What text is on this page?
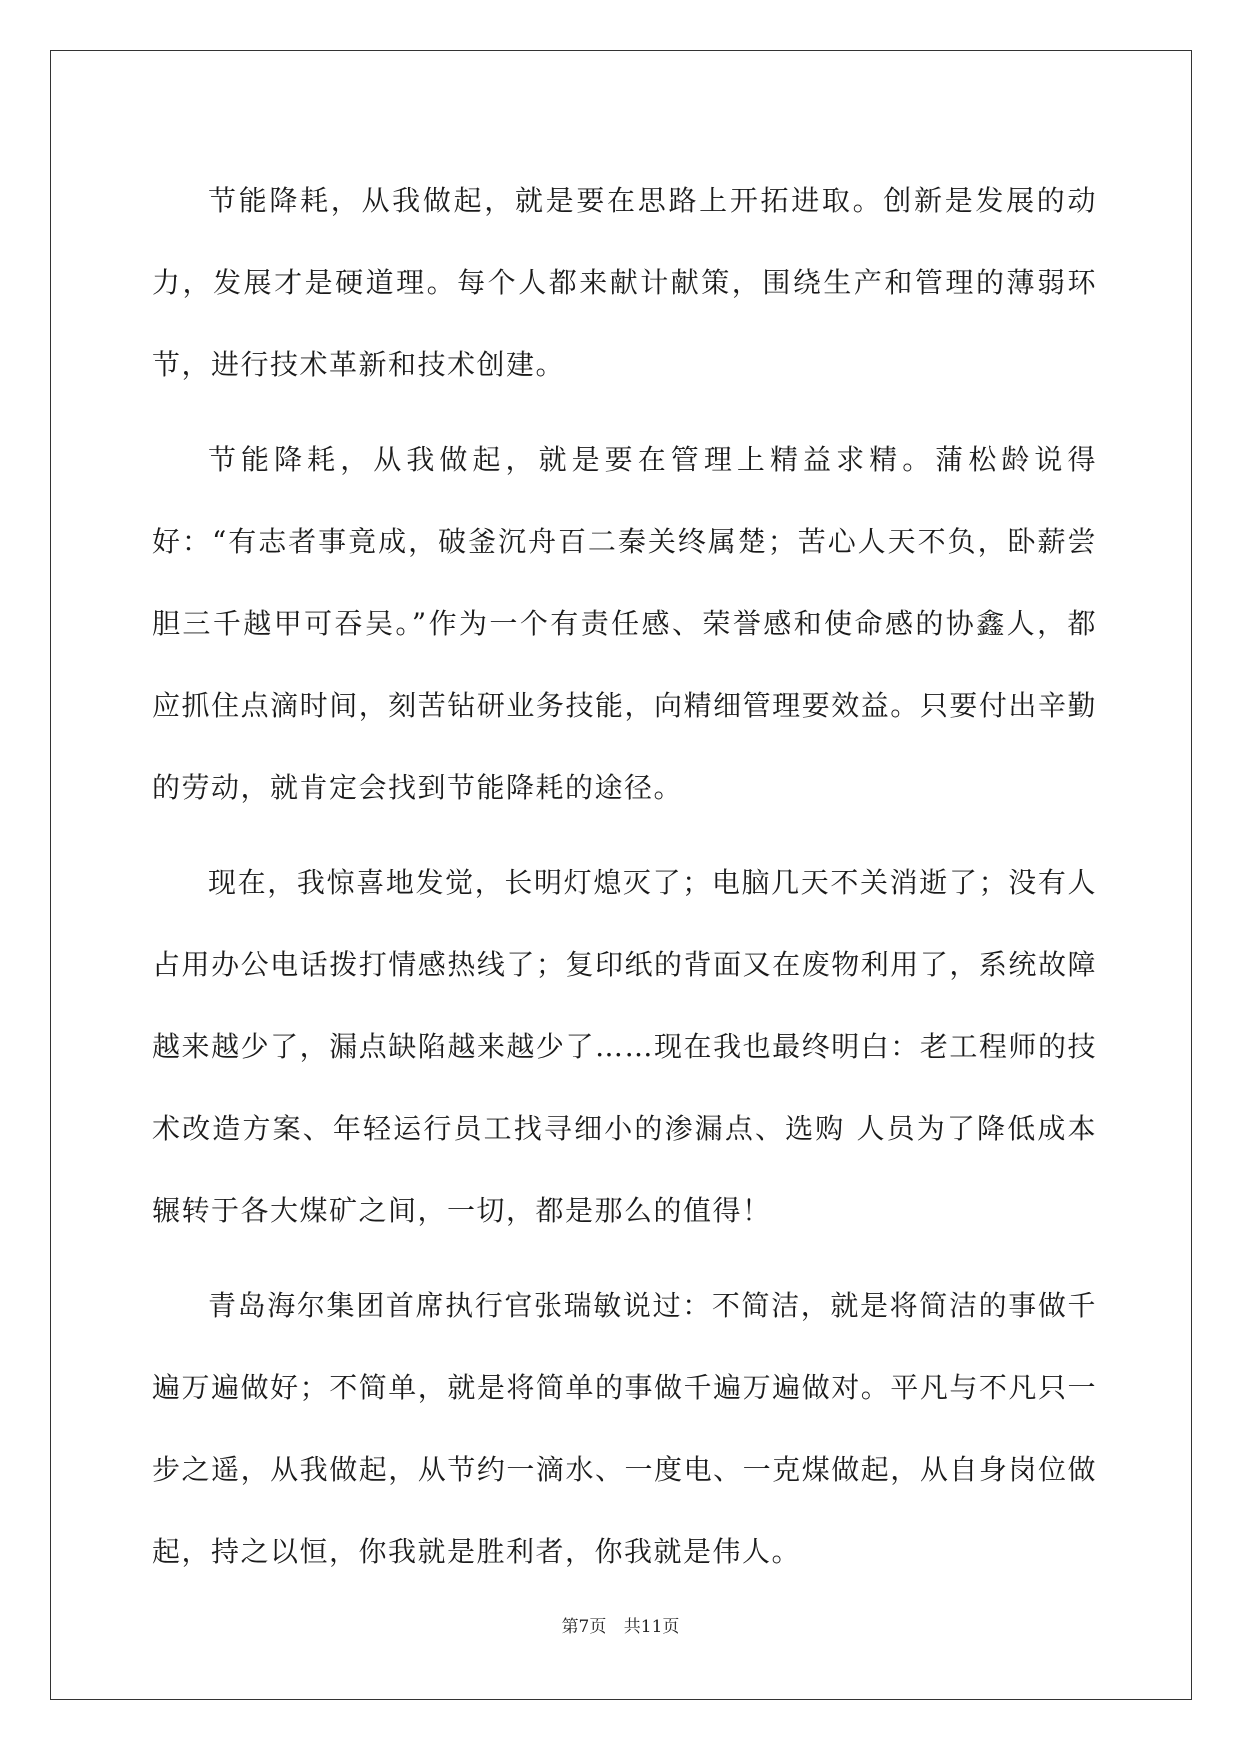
节能降耗，从我做起，就是要在思路上开拓进取。创新是发展的动力，发展才是硬道理。每个人都来献计献策，围绕生产和管理的薄弱环节，进行技术革新和技术创建。

节能降耗，从我做起，就是要在管理上精益求精。蒲松龄说得好：“有志者事竟成，破釜沉舟百二秦关终属楚；苦心人天不负，卧薪尝胆三千越甲可吞吴。”作为一个有责任感、荣誉感和使命感的协鑫人，都应抓住点滴时间，刻苦钻研业务技能，向精细管理要效益。只要付出辛勤的劳动，就肯定会找到节能降耗的途径。

现在，我惊喜地发觉，长明灯熄灭了；电脑几天不关消逝了；没有人占用办公电话拨打情感热线了；复印纸的背面又在废物利用了，系统故障越来越少了，漏点缺陷越来越少了……现在我也最终明白：老工程师的技术改造方案、年轻运行员工找寻细小的渗漏点、选购 人员为了降低成本辗转于各大煤矿之间，一切，都是那么的值得！

青岛海尔集团首席执行官张瑞敏说过：不简洁，就是将简洁的事做千遍万遍做好；不简单，就是将简单的事做千遍万遍做对。平凡与不凡只一步之遥，从我做起，从节约一滴水、一度电、一克煤做起，从自身岗位做起，持之以恒，你我就是胜利者，你我就是伟人。

第7页 共11页
